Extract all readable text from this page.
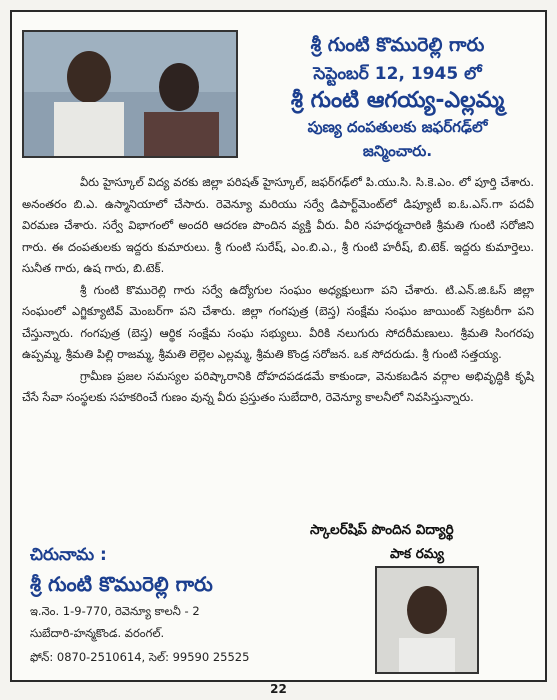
శ్రీ గుంటి కొమురెల్లి గారు
సెప్టెంబర్ 12, 1945 లో
శ్రీ గుంటి ఆగయ్య-ఎల్లమ్మ
పుణ్య దంపతులకు జఫర్‌గఢ్‌లో
జన్మించారు.

వీరు హైస్కూల్ విద్య వరకు జిల్లా పరిషత్ హైస్కూల్, జఫర్‌గఢ్‌లో పి.యు.సి. సి.కె.ఎం. లో పూర్తి చేశారు. అనంతరం బి.ఎ. ఉస్మానియాలో చేసారు. రెవెన్యూ మరియు సర్వే డిపార్ట్‌మెంట్‌లో డిప్యూటీ ఐ.ఓ.ఎస్.గా పదవీ విరమణ చేశారు. సర్వే విభాగంలో అందరి ఆదరణ పొందిన వ్యక్తి వీరు. వీరి సహధర్మచారిణి శ్రీమతి గుంటి సరోజిని గారు. ఈ దంపతులకు ఇద్దరు కుమారులు. శ్రీ గుంటి సురేష్, ఎం.బి.ఎ., శ్రీ గుంటి హరీష్, బి.టెక్. ఇద్దరు కుమార్తెలు. సునీత గారు, ఉష గారు, బి.టెక్.

శ్రీ గుంటి కొమురెల్లి గారు సర్వే ఉద్యోగుల సంఘం అధ్యక్షులుగా పని చేశారు. టి.ఎన్.జి.ఓస్ జిల్లా సంఘంలో ఎగ్జిక్యూటివ్ మెంబర్‌గా పని చేశారు. జిల్లా గంగపుత్ర (బెస్త) సంక్షేమ సంఘం జాయింట్ సెక్రటరీగా పని చేస్తున్నారు. గంగపుత్ర (బెస్త) ఆర్థిక సంక్షేమ సంఘ సభ్యులు. వీరికి నలుగురు సోదరీమణులు. శ్రీమతి సింగరపు ఉప్పమ్మ, శ్రీమతి పిల్లి రాజమ్మ, శ్రీమతి లెల్లెల ఎల్లమ్మ, శ్రీమతి కొండ్ర సరోజన. ఒక సోదరుడు. శ్రీ గుంటి సత్తయ్య.

గ్రామీణ ప్రజల సమస్యల పరిష్కారానికి దోహదపడడమే కాకుండా, వెనుకబడిన వర్గాల అభివృద్ధికి కృషి చేసే సేవా సంస్థలకు సహకరించే గుణం వున్న వీరు ప్రస్తుతం సుబేదారి, రెవెన్యూ కాలనీలో నివసిస్తున్నారు.

స్కాలర్‌షిప్ పొందిన విద్యార్థి
పాక రమ్య
చిరునామ :
శ్రీ గుంటి కొమురెల్లి గారు
ఇ.నెం. 1-9-770, రెవెన్యూ కాలనీ - 2
సుబేదారి-హన్మకొండ. వరంగల్.
ఫోన్: 0870-2510614, సెల్: 99590 25525
22
